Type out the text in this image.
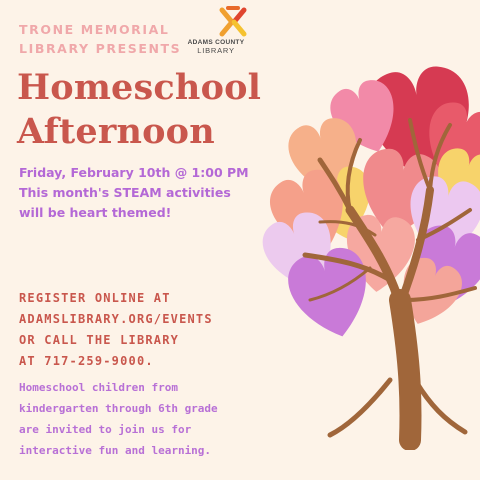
TRONE MEMORIAL
LIBRARY PRESENTS ADAMS COUNTY
LIBRARY
Homeschool
Afternoon
Friday, February 10th @ 1:00 PM
This month's STEAM activities
will be heart themed!
REGISTER ONLINE AT
ADAMSLIBRARY.ORG/EVENTS
OR CALL THE LIBRARY
AT 717-259-9000.
Homeschool children from
kindergarten through 6th grade
are invited to join us for
interactive fun and learning.
